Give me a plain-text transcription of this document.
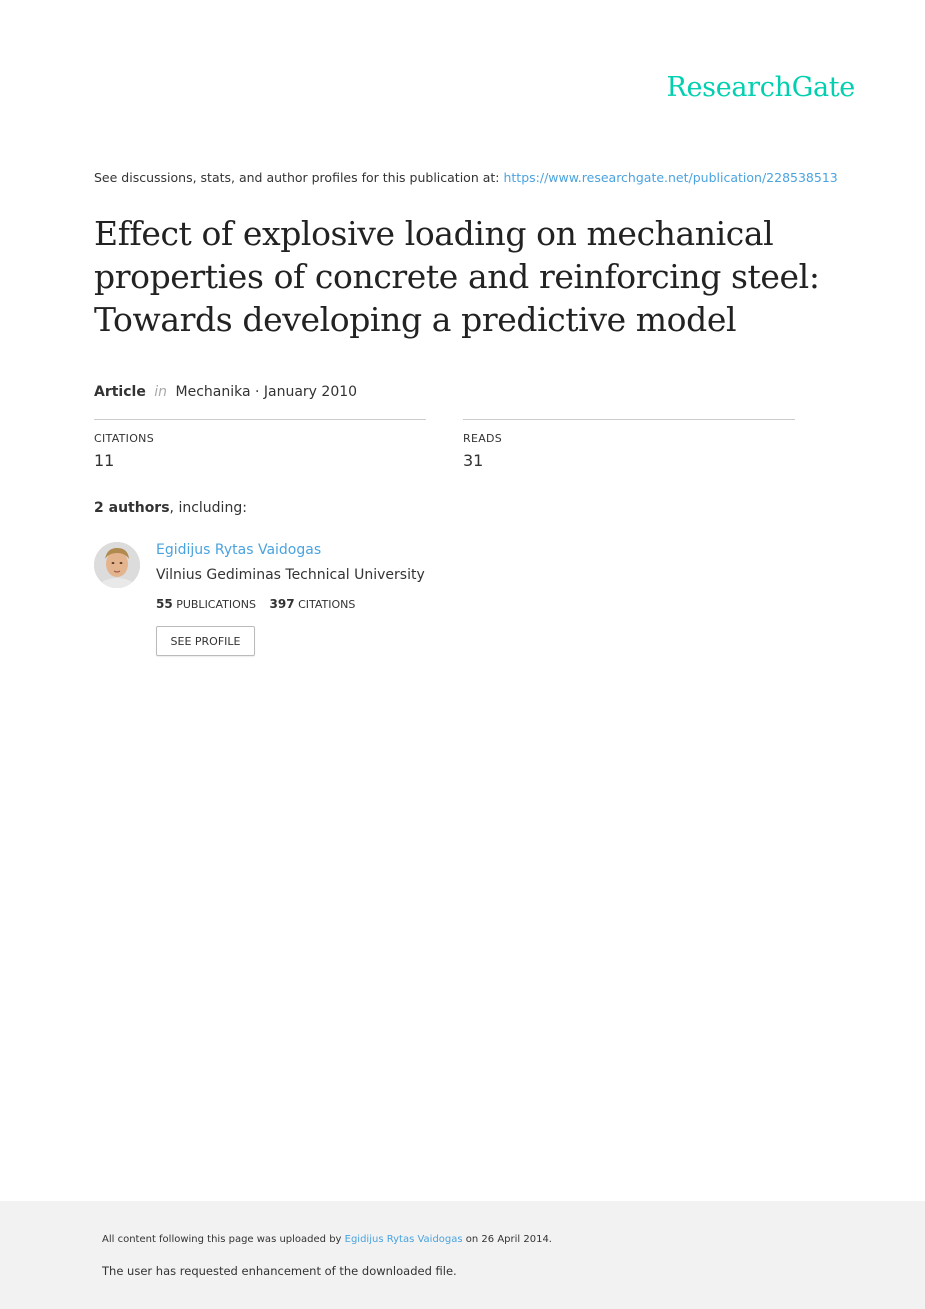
ResearchGate
See discussions, stats, and author profiles for this publication at: https://www.researchgate.net/publication/228538513
Effect of explosive loading on mechanical
properties of concrete and reinforcing steel:
Towards developing a predictive model
Article in Mechanika · January 2010
CITATIONS
11
READS
31
2 authors, including:
Egidijus Rytas Vaidogas
Vilnius Gediminas Technical University
55 PUBLICATIONS 397 CITATIONS
SEE PROFILE
All content following this page was uploaded by Egidijus Rytas Vaidogas on 26 April 2014.
The user has requested enhancement of the downloaded file.
